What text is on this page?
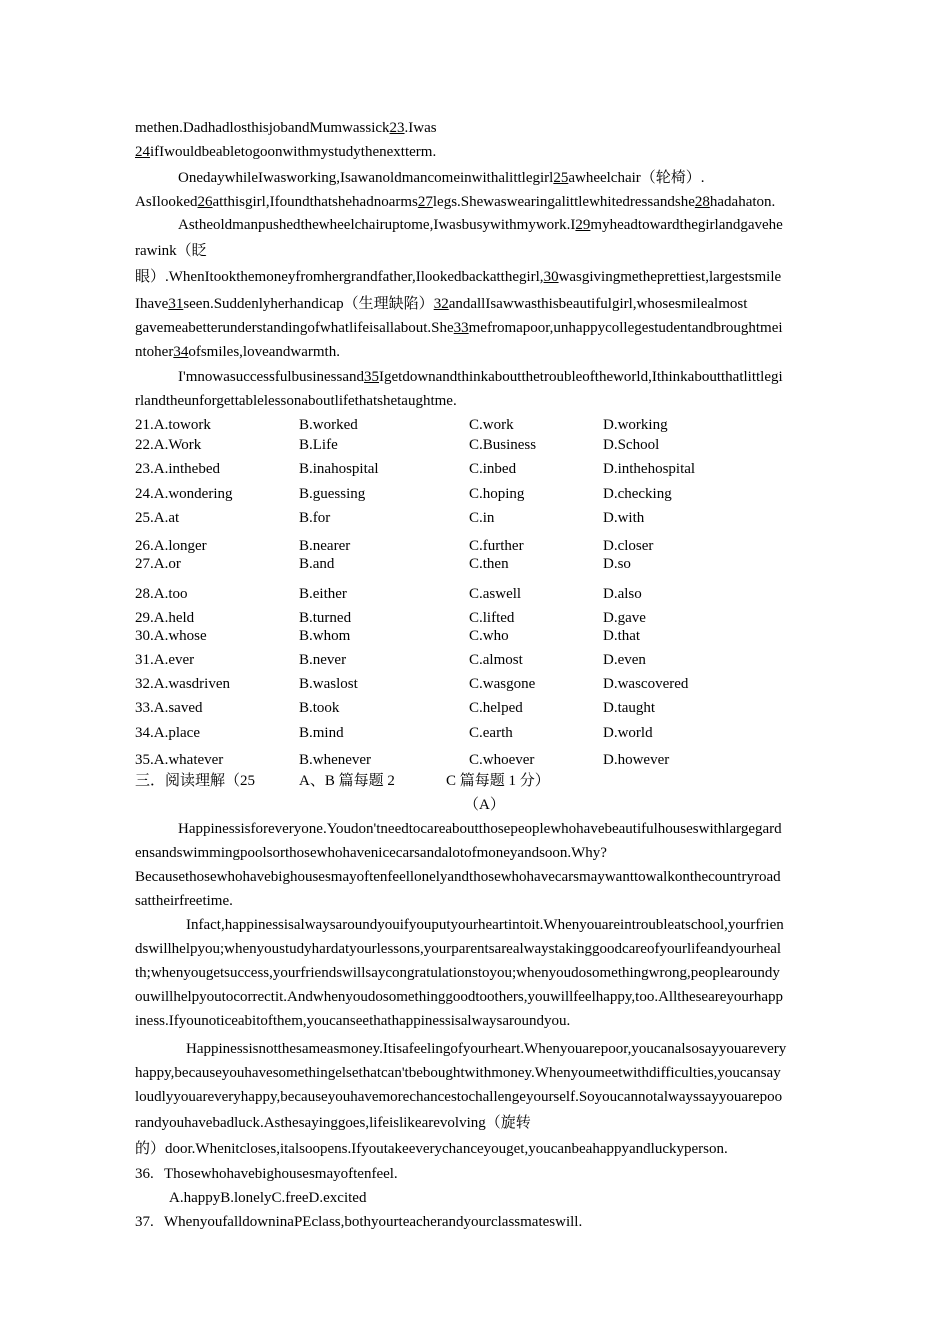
methen.DadhadlosthisjobandMumwassick23.Iwas
24ifIwouldbeabletogoonwithmystudythenextterm.
OnedaywhileIwasworking,Isawanoldmancomeinwithalittlegirl25awheelchair（轮椅）.
AsIlooked26atthisgirl,Ifoundthatshehadnoarms27legs.Shewaswearingalittlewhitedressandshe28hadahaton.
Astheoldmanpushedthewheelchairuptome,Iwasbusywithmywork.I29myheadtowardthegirlandgavehe
rawink（眨
眼）.WhenItookthemoneyfromhergrandfather,Ilookedbackatthegirl,30wasgivingmetheprettiest,largestsmile
Ihave31seen.Suddenlyherhandicap（生理缺陷）32andallIsawwasthisbeautifulgirl,whosesmilealmost
gavemeabetterunderstandingofwhatlifeisallabout.She33mefromapoor,unhappycollegestudentandbroughtmei
ntoher34ofsmiles,loveandwarmth.
I'mnowasuccessfulbusinessand35Igetdownandthinkaboutthetroubleoftheworld,Ithinkaboutthatlittlegi
rlandtheunforgettablelessonaboutlifethatshetaughtme.
21.A.towork	B.worked	C.work	D.working
22.A.Work	B.Life	C.Business	D.School
23.A.inthebed	B.inahospital	C.inbed	D.inthehospital
24.A.wondering	B.guessing	C.hoping	D.checking
25.A.at	B.for	C.in	D.with
26.A.longer	B.nearer	C.further	D.closer
27.A.or	B.and	C.then	D.so
28.A.too	B.either	C.aswell	D.also
29.A.held	B.turned	C.lifted	D.gave
30.A.whose	B.whom	C.who	D.that
31.A.ever	B.never	C.almost	D.even
32.A.wasdriven	B.waslost	C.wasgone	D.wascovered
33.A.saved	B.took	C.helped	D.taught
34.A.place	B.mind	C.earth	D.world
35.A.whatever	B.whenever	C.whoever	D.however
三．阅读理解（25	A、B 篇每题 2	C 篇每题 1 分）
（A）
Happinessisforeveryone.Youdon'tneedtocareaboutthosepeoplewhohavebeautifulhouseswithlargegard
ensandswimmingpoolsorthosewhohavenicecarsandalotofmoneyandsoon.Why?
Becausethosewhohavebighousesmayoftenfeellonelyandthosewhohavecarsmaywanttowalkonthecountryroad
sattheirfreetime.
Infact,happinessisalwaysaroundyouifyouputyourheartintoit.Whenyouareintroubleatschool,yourfrien
dswillhelpyou;whenyoustudyhardatyourlessons,yourparentsarealwaystakinggoodcareofyourlifeandyourheal
th;whenyougetsuccess,yourfriendswillsaycongratulationstoyou;whenyoudosomethingwrong,peoplearoundy
ouwillhelpyoutocorrectit.Andwhenyoudosomethinggoodtoothers,youwillfeelhappy,too.Alltheseareyourhapp
iness.Ifyounoticeabitofthem,youcanseethathappinessisalwaysaroundyou.
Happinessisnotthesameasmoney.Itisafeelingofyourheart.Whenyouarepoor,youcanalsosayyouarevery
happy,becauseyouhavesomethingelsethatcan'tbeboughtwithmoney.Whenyoumeetwithdifficulties,youcansay
loudlyyouareveryhappy,becauseyouhavemorechancestochallengeyourself.Soyoucannotalwayssayyouarepoo
randyouhavebadluck.Asthesayinggoes,lifeislikearevolving（旋转
的）door.Whenitcloses,italsoopens.Ifyoutakeeverychanceyouget,youcanbeahappyandluckyperson.
36. Thosewhohavebighousesmayoftenfeel.
A.happyB.lonelyC.freeD.excited
37. WhenyoufalldowninaPEclass,bothyourteacherandyourclassmateswill.
